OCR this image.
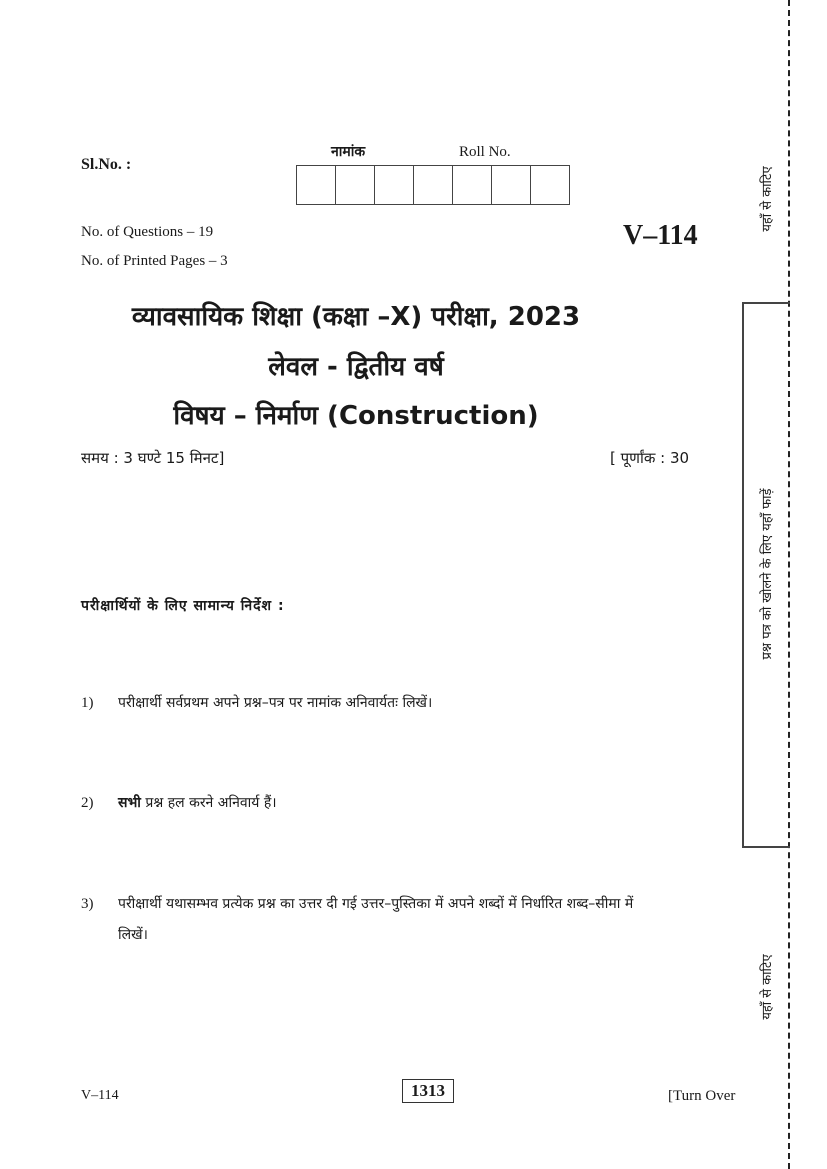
Sl.No. :
नामांक	Roll No.
No. of Questions – 19
No. of Printed Pages – 3
V–114
व्यावसायिक शिक्षा (कक्षा –X) परीक्षा, 2023
लेवल - द्वितीय वर्ष
विषय – निर्माण (Construction)
समय : 3 घण्टे 15 मिनट]	[ पूर्णांक : 30
परीक्षार्थियों के लिए सामान्य निर्देश :
1) परीक्षार्थी सर्वप्रथम अपने प्रश्न–पत्र पर नामांक अनिवार्यतः लिखें।
2) सभी प्रश्न हल करने अनिवार्य हैं।
3) परीक्षार्थी यथासम्भव प्रत्येक प्रश्न का उत्तर दी गई उत्तर–पुस्तिका में अपने शब्दों में निर्धारित शब्द–सीमा में लिखें।
V–114	1313	[Turn Over
यहाँ से काटिए
प्रश्न पत्र को खोलने के लिए यहाँ फाड़ें
यहाँ से काटिए
